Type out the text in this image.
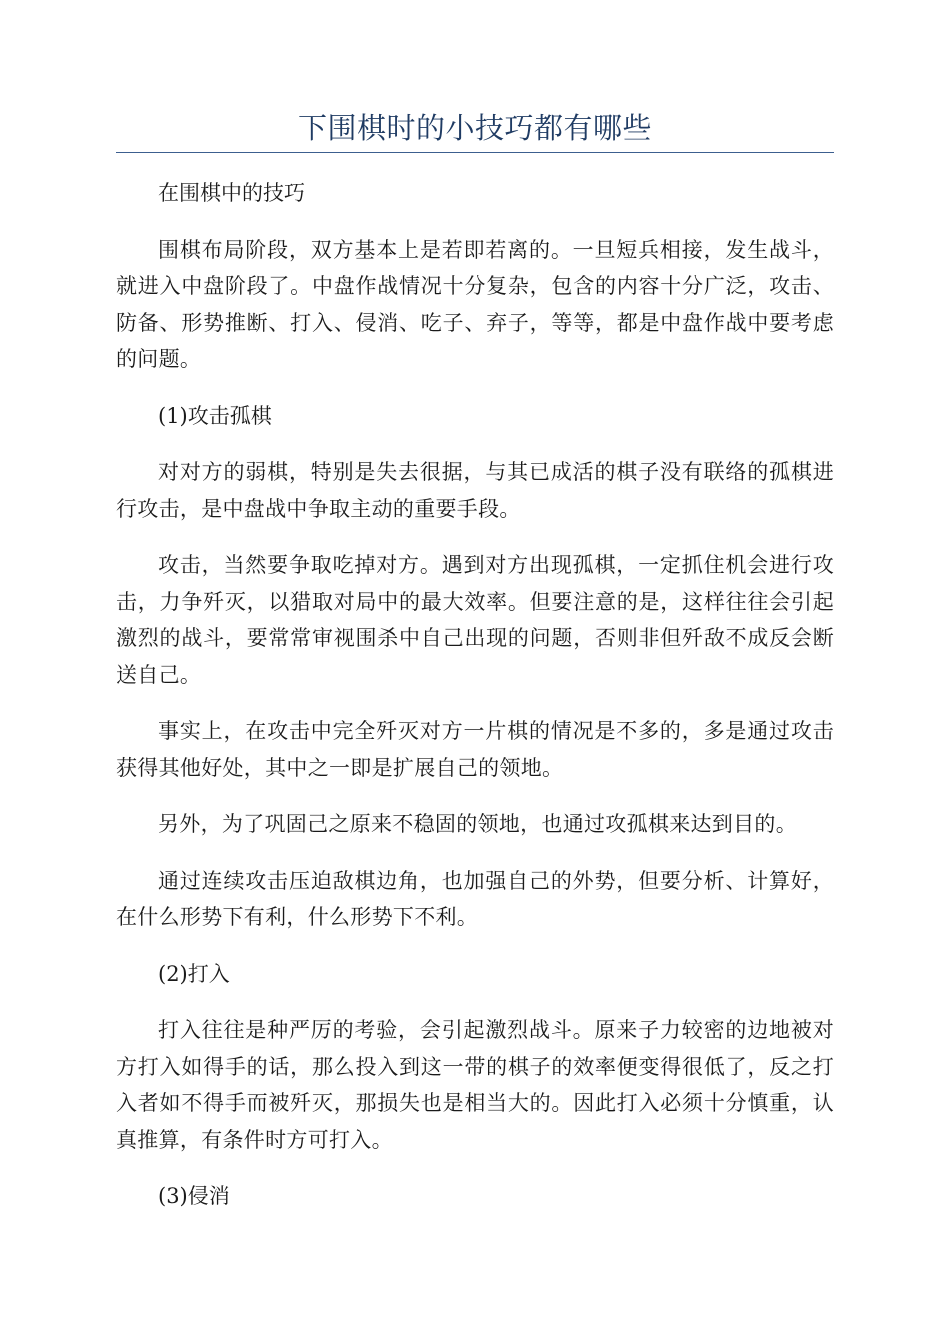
下围棋时的小技巧都有哪些

在围棋中的技巧

围棋布局阶段，双方基本上是若即若离的。一旦短兵相接，发生战斗，就进入中盘阶段了。中盘作战情况十分复杂，包含的内容十分广泛，攻击、防备、形势推断、打入、侵消、吃子、弃子，等等，都是中盘作战中要考虑的问题。

(1)攻击孤棋

对对方的弱棋，特别是失去很据，与其已成活的棋子没有联络的孤棋进行攻击，是中盘战中争取主动的重要手段。

攻击，当然要争取吃掉对方。遇到对方出现孤棋，一定抓住机会进行攻击，力争歼灭，以猎取对局中的最大效率。但要注意的是，这样往往会引起激烈的战斗，要常常审视围杀中自己出现的问题，否则非但歼敌不成反会断送自己。

事实上，在攻击中完全歼灭对方一片棋的情况是不多的，多是通过攻击获得其他好处，其中之一即是扩展自己的领地。

另外，为了巩固己之原来不稳固的领地，也通过攻孤棋来达到目的。

通过连续攻击压迫敌棋边角，也加强自己的外势，但要分析、计算好，在什么形势下有利，什么形势下不利。

(2)打入

打入往往是种严厉的考验，会引起激烈战斗。原来子力较密的边地被对方打入如得手的话，那么投入到这一带的棋子的效率便变得很低了，反之打入者如不得手而被歼灭，那损失也是相当大的。因此打入必须十分慎重，认真推算，有条件时方可打入。

(3)侵消
